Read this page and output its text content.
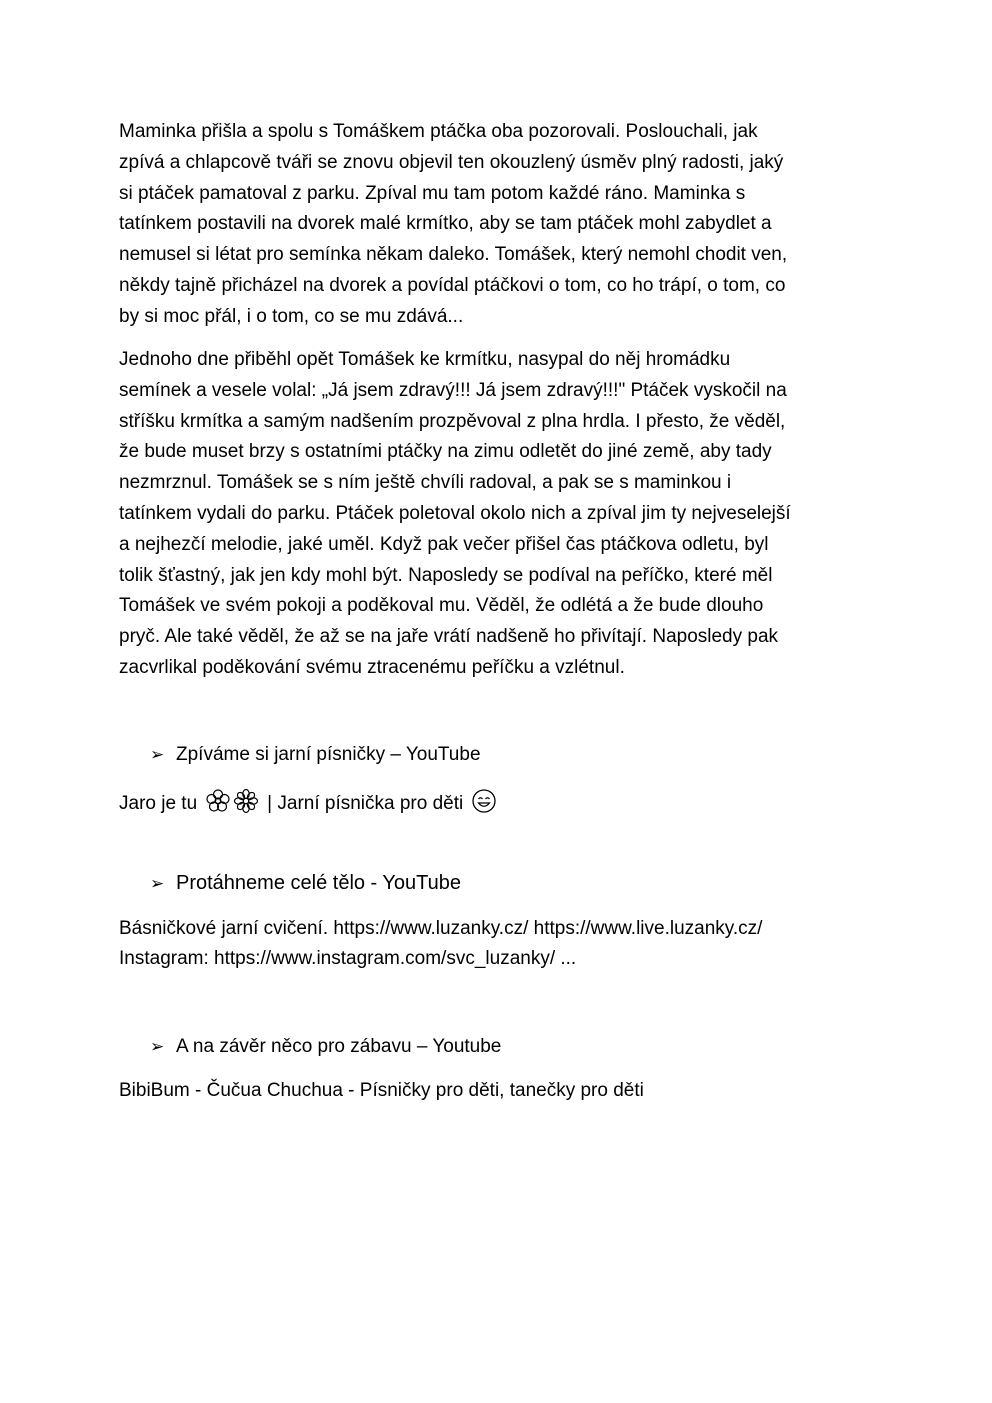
Maminka přišla a spolu s Tomáškem ptáčka oba pozorovali. Poslouchali, jak
zpívá a chlapcově tváři se znovu objevil ten okouzlený úsměv plný radosti, jaký
si ptáček pamatoval z parku. Zpíval mu tam potom každé ráno. Maminka s
tatínkem postavili na dvorek malé krmítko, aby se tam ptáček mohl zabydlet a
nemusel si létat pro semínka někam daleko. Tomášek, který nemohl chodit ven,
někdy tajně přicházel na dvorek a povídal ptáčkovi o tom, co ho trápí, o tom, co
by si moc přál, i o tom, co se mu zdává...

Jednoho dne přiběhl opět Tomášek ke krmítku, nasypal do něj hromádku
semínek a vesele volal: „Já jsem zdravý!!! Já jsem zdravý!!!" Ptáček vyskočil na
stříšku krmítka a samým nadšením prozpěvoval z plna hrdla. I přesto, že věděl,
že bude muset brzy s ostatními ptáčky na zimu odletět do jiné země, aby tady
nezmrznul. Tomášek se s ním ještě chvíli radoval, a pak se s maminkou i
tatínkem vydali do parku. Ptáček poletoval okolo nich a zpíval jim ty nejveselejší
a nejhezčí melodie, jaké uměl. Když pak večer přišel čas ptáčkova odletu, byl
tolik šťastný, jak jen kdy mohl být. Naposledy se podíval na peříčko, které měl
Tomášek ve svém pokoji a poděkoval mu. Věděl, že odlétá a že bude dlouho
pryč. Ale také věděl, že až se na jaře vrátí nadšeně ho přivítají. Naposledy pak
zacvrlikal poděkování svému ztracenému peříčku a vzlétnul.

➢ Zpíváme si jarní písničky – YouTube
Jaro je tu	| Jarní písnička pro děti
➢ Protáhneme celé tělo - YouTube

Básničkové jarní cvičení. https://www.luzanky.cz/ https://www.live.luzanky.cz/
Instagram: https://www.instagram.com/svc_luzanky/ ...

➢ A na závěr něco pro zábavu – Youtube
BibiBum - Čučua Chuchua - Písničky pro děti, tanečky pro děti
